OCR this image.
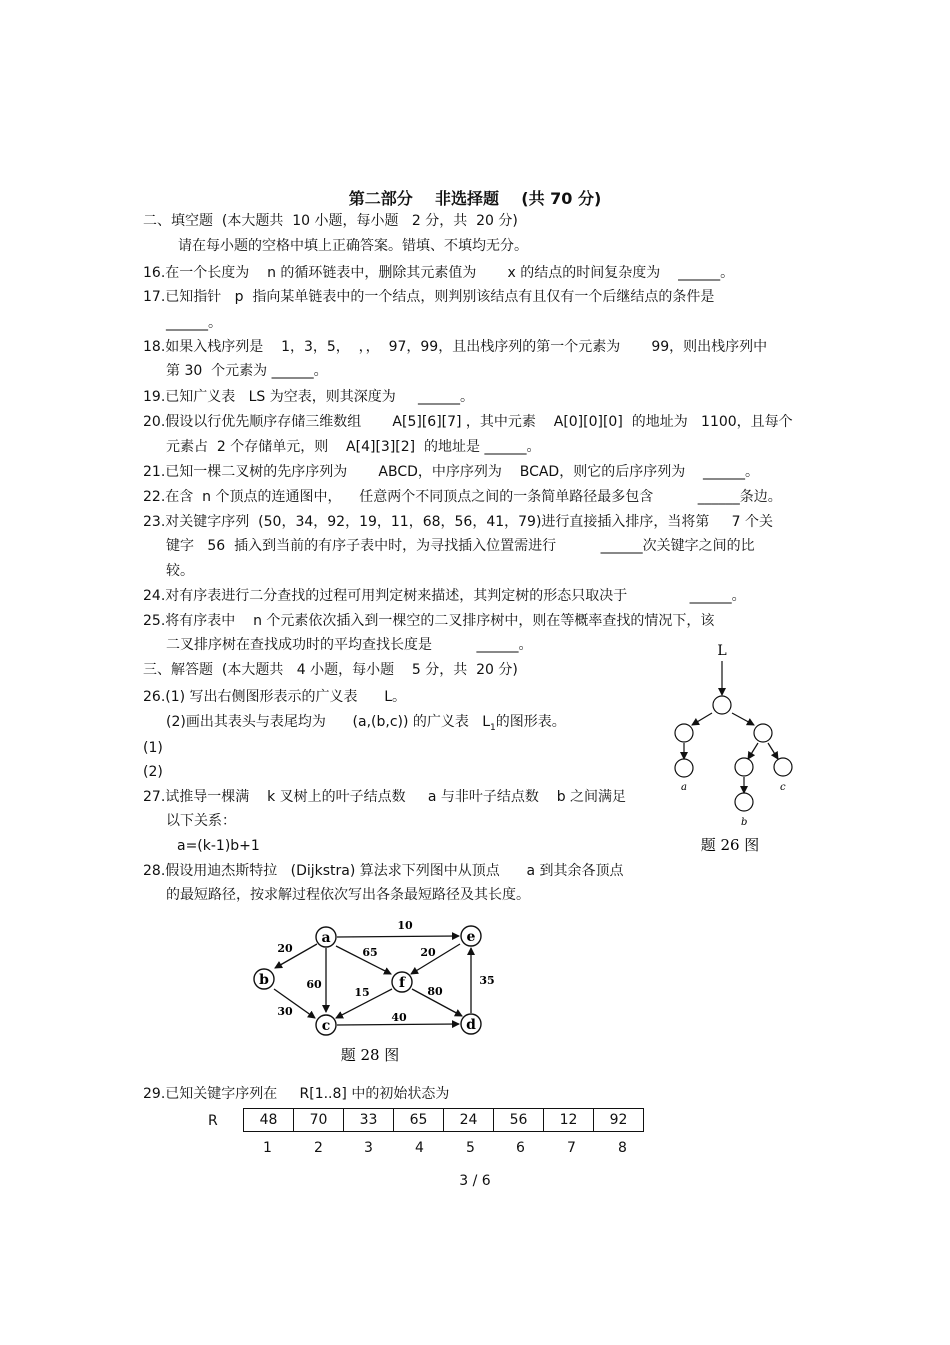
第二部分    非选择题    (共 70 分)
二、填空题  (本大题共  10 小题，每小题   2 分，共  20 分)
请在每小题的空格中填上正确答案。错填、不填均无分。
16.在一个长度为    n 的循环链表中，删除其元素值为       x 的结点的时间复杂度为    ______。
17.已知指针   p  指向某单链表中的一个结点，则判别该结点有且仅有一个后继结点的条件是
______。
18.如果入栈序列是    1，3，5，  ，，  97，99，且出栈序列的第一个元素为       99，则出栈序列中
第 30  个元素为 ______。
19.已知广义表   LS 为空表，则其深度为     ______。
20.假设以行优先顺序存储三维数组       A[5][6][7] ，其中元素    A[0][0][0]  的地址为   1100，且每个
元素占  2 个存储单元，则    A[4][3][2]  的地址是 ______。
21.已知一棵二叉树的先序序列为       ABCD，中序序列为    BCAD，则它的后序序列为    ______。
22.在含  n 个顶点的连通图中，    任意两个不同顶点之间的一条简单路径最多包含          ______条边。
23.对关键字序列  (50，34，92，19，11，68，56，41，79)进行直接插入排序，当将第     7 个关
键字   56  插入到当前的有序子表中时，为寻找插入位置需进行          ______次关键字之间的比
较。
24.对有序表进行二分查找的过程可用判定树来描述，其判定树的形态只取决于              ______。
25.将有序表中    n 个元素依次插入到一棵空的二叉排序树中，则在等概率查找的情况下，该
二叉排序树在查找成功时的平均查找长度是          ______。
三、解答题  (本大题共   4 小题，每小题    5 分，共  20 分)
26.(1) 写出右侧图形表示的广义表      L。
(2)画出其表头与表尾均为      (a,(b,c)) 的广义表   $L_1$的图形表。
(1)
(2)
27.试推导一棵满    k 叉树上的叶子结点数     a 与非叶子结点数    b 之间满足
以下关系：
a=(k-1)b+1
28.假设用迪杰斯特拉   (Dijkstra) 算法求下列图中从顶点      a 到其余各顶点
的最短路径，按求解过程依次写出各条最短路径及其长度。
L
a
b
c
题 26 图
a
b
c	d
e
f
10
20	65
60
20
15	80
30	40
35
题 28 图
29.已知关键字序列在     R[1..8] 中的初始状态为
R	48	70	33	65	24	56	12	92
1	2	3	4	5	6	7	8
3 / 6
